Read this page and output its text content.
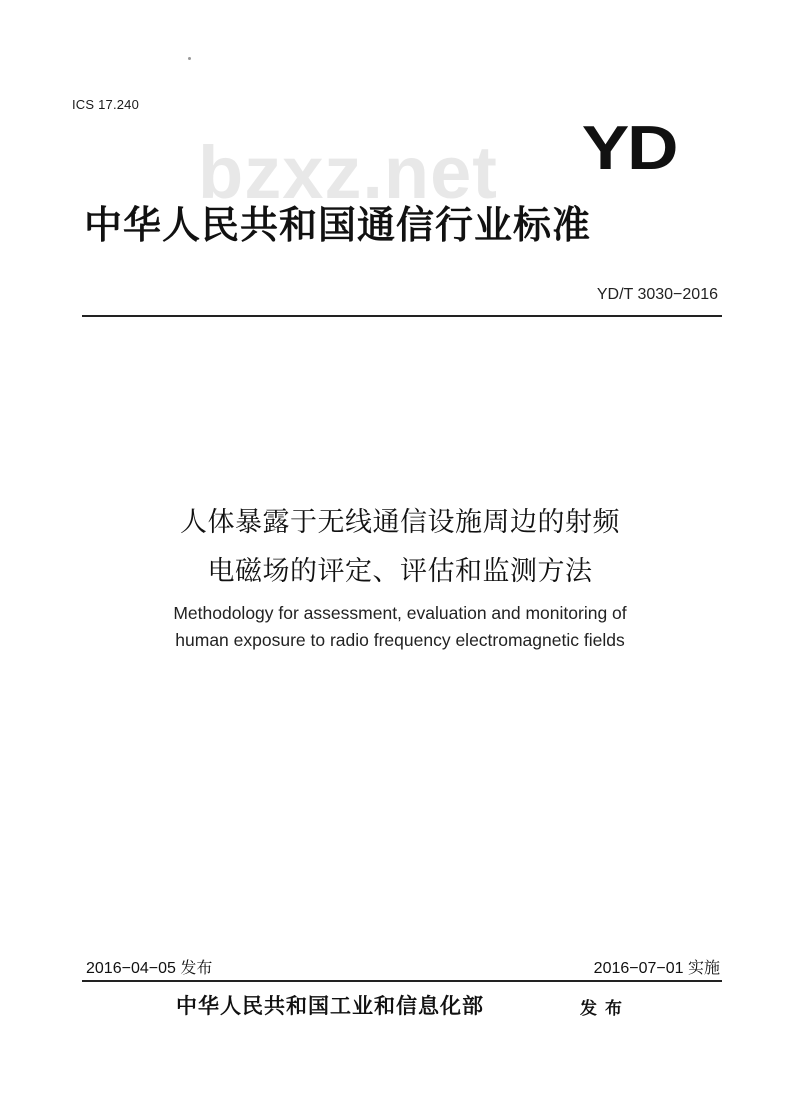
ICS 17.240
bzxz.net	YD
中华人民共和国通信行业标准
YD/T 3030−2016
人体暴露于无线通信设施周边的射频
电磁场的评定、评估和监测方法
Methodology for assessment, evaluation and monitoring of
human exposure to radio frequency electromagnetic fields
2016−04−05 发布	2016−07−01 实施
中华人民共和国工业和信息化部	发布
